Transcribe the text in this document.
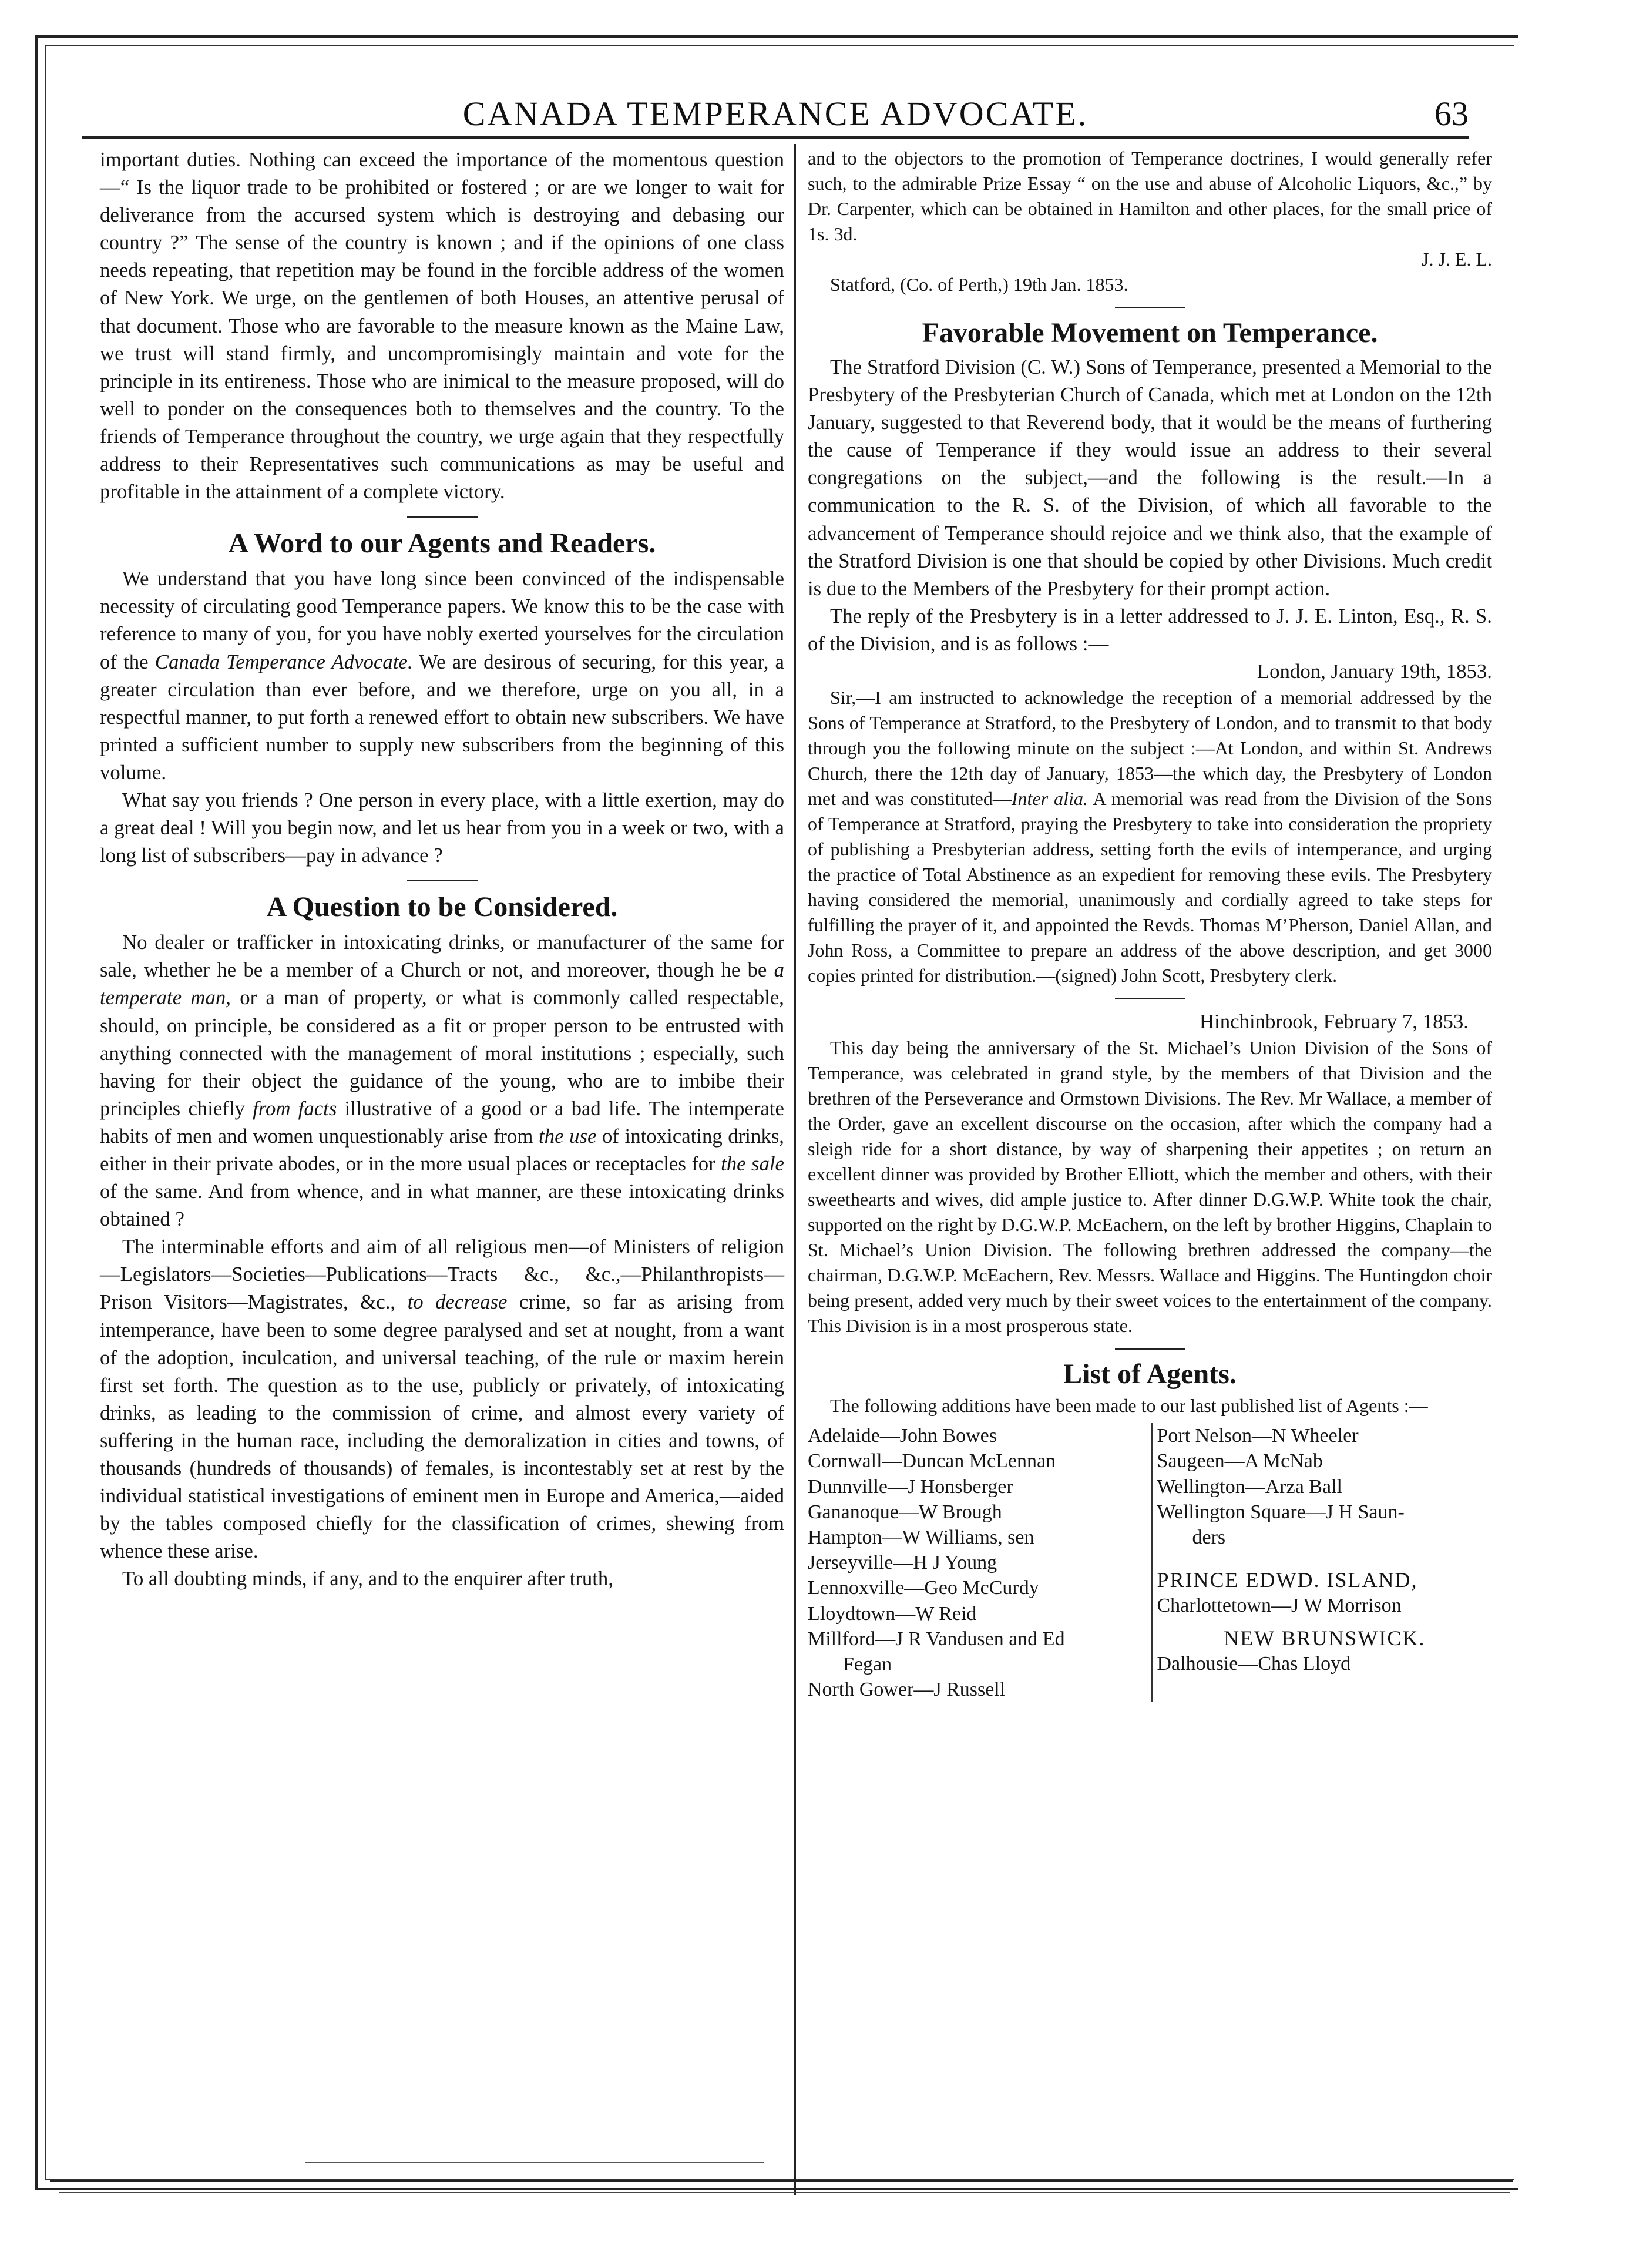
CANADA TEMPERANCE ADVOCATE.	63

important duties. Nothing can exceed the importance of the momentous question—“ Is the liquor trade to be prohibited or fostered ; or are we longer to wait for deliverance from the accursed system which is destroying and debasing our country ?” The sense of the country is known ; and if the opinions of one class needs repeating, that repetition may be found in the forcible address of the women of New York. We urge, on the gentlemen of both Houses, an attentive perusal of that document. Those who are favorable to the measure known as the Maine Law, we trust will stand firmly, and uncompromisingly maintain and vote for the principle in its entireness. Those who are inimical to the measure proposed, will do well to ponder on the consequences both to themselves and the country. To the friends of Temperance throughout the country, we urge again that they respectfully address to their Representatives such communications as may be useful and profitable in the attainment of a complete victory.

A Word to our Agents and Readers.

We understand that you have long since been convinced of the indispensable necessity of circulating good Temperance papers. We know this to be the case with reference to many of you, for you have nobly exerted yourselves for the circulation of the Canada Temperance Advocate. We are desirous of securing, for this year, a greater circulation than ever before, and we therefore, urge on you all, in a respectful manner, to put forth a renewed effort to obtain new subscribers. We have printed a sufficient number to supply new subscribers from the beginning of this volume.

What say you friends ? One person in every place, with a little exertion, may do a great deal ! Will you begin now, and let us hear from you in a week or two, with a long list of subscribers—pay in advance ?

A Question to be Considered.

No dealer or trafficker in intoxicating drinks, or manufacturer of the same for sale, whether he be a member of a Church or not, and moreover, though he be a temperate man, or a man of property, or what is commonly called respectable, should, on principle, be considered as a fit or proper person to be entrusted with anything connected with the management of moral institutions ; especially, such having for their object the guidance of the young, who are to imbibe their principles chiefly from facts illustrative of a good or a bad life. The intemperate habits of men and women unquestionably arise from the use of intoxicating drinks, either in their private abodes, or in the more usual places or receptacles for the sale of the same. And from whence, and in what manner, are these intoxicating drinks obtained ?

The interminable efforts and aim of all religious men—of Ministers of religion—Legislators—Societies—Publications—Tracts &c., &c.,—Philanthropists—Prison Visitors—Magistrates, &c., to decrease crime, so far as arising from intemperance, have been to some degree paralysed and set at nought, from a want of the adoption, inculcation, and universal teaching, of the rule or maxim herein first set forth. The question as to the use, publicly or privately, of intoxicating drinks, as leading to the commission of crime, and almost every variety of suffering in the human race, including the demoralization in cities and towns, of thousands (hundreds of thousands) of females, is incontestably set at rest by the individual statistical investigations of eminent men in Europe and America,—aided by the tables composed chiefly for the classification of crimes, shewing from whence these arise.

To all doubting minds, if any, and to the enquirer after truth,

and to the objectors to the promotion of Temperance doctrines, I would generally refer such, to the admirable Prize Essay “ on the use and abuse of Alcoholic Liquors, &c.,” by Dr. Carpenter, which can be obtained in Hamilton and other places, for the small price of 1s. 3d.

J. J. E. L.

Statford, (Co. of Perth,) 19th Jan. 1853.

Favorable Movement on Temperance.

The Stratford Division (C. W.) Sons of Temperance, presented a Memorial to the Presbytery of the Presbyterian Church of Canada, which met at London on the 12th January, suggested to that Reverend body, that it would be the means of furthering the cause of Temperance if they would issue an address to their several congregations on the subject,—and the following is the result.—In a communication to the R. S. of the Division, of which all favorable to the advancement of Temperance should rejoice and we think also, that the example of the Stratford Division is one that should be copied by other Divisions. Much credit is due to the Members of the Presbytery for their prompt action.

The reply of the Presbytery is in a letter addressed to J. J. E. Linton, Esq., R. S. of the Division, and is as follows :—

London, January 19th, 1853.

Sir,—I am instructed to acknowledge the reception of a memorial addressed by the Sons of Temperance at Stratford, to the Presbytery of London, and to transmit to that body through you the following minute on the subject :—At London, and within St. Andrews Church, there the 12th day of January, 1853—the which day, the Presbytery of London met and was constituted—Inter alia. A memorial was read from the Division of the Sons of Temperance at Stratford, praying the Presbytery to take into consideration the propriety of publishing a Presbyterian address, setting forth the evils of intemperance, and urging the practice of Total Abstinence as an expedient for removing these evils. The Presbytery having considered the memorial, unanimously and cordially agreed to take steps for fulfilling the prayer of it, and appointed the Revds. Thomas M’Pherson, Daniel Allan, and John Ross, a Committee to prepare an address of the above description, and get 3000 copies printed for distribution.—(signed) John Scott, Presbytery clerk.

Hinchinbrook, February 7, 1853.

This day being the anniversary of the St. Michael’s Union Division of the Sons of Temperance, was celebrated in grand style, by the members of that Division and the brethren of the Perseverance and Ormstown Divisions. The Rev. Mr Wallace, a member of the Order, gave an excellent discourse on the occasion, after which the company had a sleigh ride for a short distance, by way of sharpening their appetites ; on return an excellent dinner was provided by Brother Elliott, which the member and others, with their sweethearts and wives, did ample justice to. After dinner D.G.W.P. White took the chair, supported on the right by D.G.W.P. McEachern, on the left by brother Higgins, Chaplain to St. Michael’s Union Division. The following brethren addressed the company—the chairman, D.G.W.P. McEachern, Rev. Messrs. Wallace and Higgins. The Huntingdon choir being present, added very much by their sweet voices to the entertainment of the company. This Division is in a most prosperous state.

List of Agents.

The following additions have been made to our last published list of Agents :—

Adelaide—John Bowes
Cornwall—Duncan McLennan
Dunnville—J Honsberger
Gananoque—W Brough
Hampton—W Williams, sen
Jerseyville—H J Young
Lennoxville—Geo McCurdy
Lloydtown—W Reid
Millford—J R Vandusen and Ed
Fegan
North Gower—J Russell
Port Nelson—N Wheeler
Saugeen—A McNab
Wellington—Arza Ball
Wellington Square—J H Saun-
ders
PRINCE EDWD. ISLAND,
Charlottetown—J W Morrison
NEW BRUNSWICK.
Dalhousie—Chas Lloyd
